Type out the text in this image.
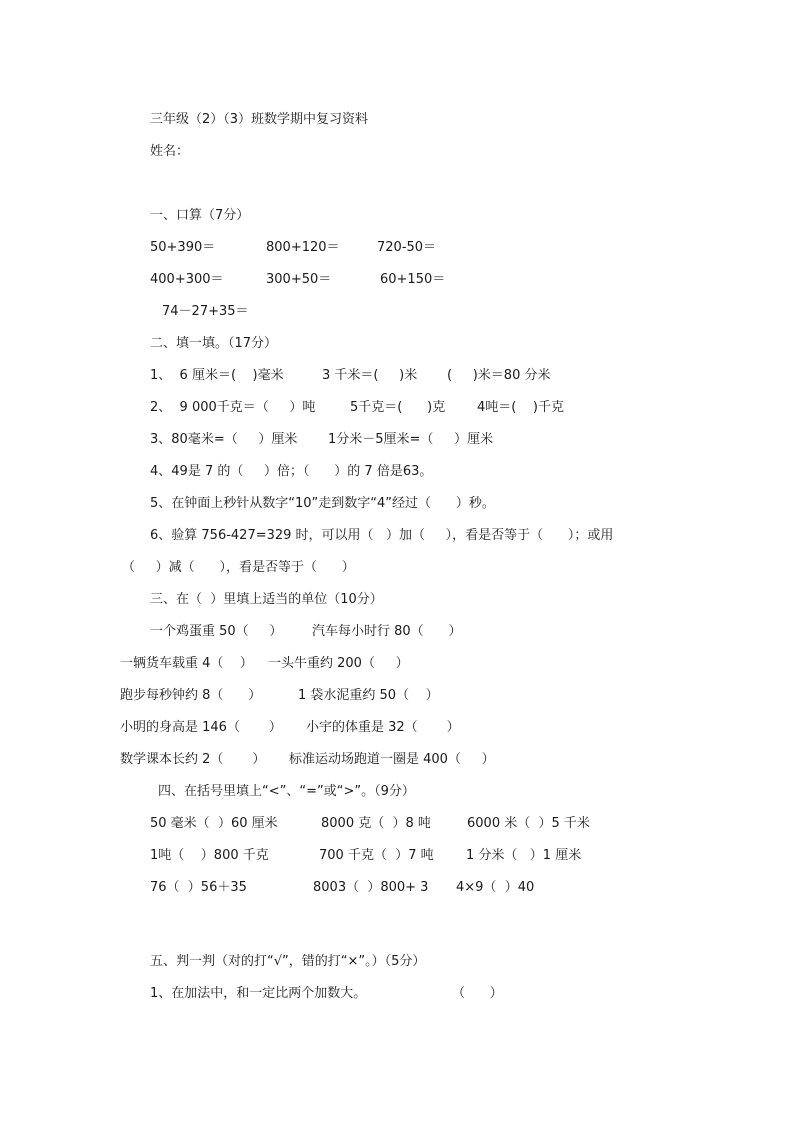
三年级（2）（3）班数学期中复习资料
姓名：
一、口算（7分）
50+390＝	800+120＝	720-50＝
400+300＝	300+50＝	60+150＝
74－27+35＝
二、填一填。（17分）
1、  6 厘米＝(    )毫米	3 千米＝(     )米 (     )米＝80 分米
2、  9 000千克＝（     ）吨	5千克＝(      )克 4吨＝(    )千克
3、80毫米=（     ）厘米 1分米－5厘米=（     ）厘米
4、49是 7 的（     ）倍；（      ）的 7 倍是63。
5、在钟面上秒针从数字“10”走到数字“4”经过（      ）秒。
6、验算 756-427=329 时，可以用（   ）加（     ），看是否等于（      ）；或用
（     ）减（      ），看是否等于（      ）
三、在（  ）里填上适当的单位（10分）
一个鸡蛋重 50（     ） 汽车每小时行 80（      ）
一辆货车载重 4（    ） 一头牛重约 200（     ）
跑步每秒钟约 8（      ）	1 袋水泥重约 50（    ）
小明的身高是 146（       ） 小宇的体重是 32（       ）
数学课本长约 2（       ） 标准运动场跑道一圈是 400（     ）
四、在括号里填上“<”、“=”或“>”。（9分）
50 毫米（  ）60 厘米	8000 克（  ）8 吨	6000 米（  ）5 千米
1吨（    ）800 千克	700 千克（  ）7 吨 1 分米（   ）1 厘米
76（  ）56＋35	8003（  ）800+ 3 4×9（  ）40
五、判一判（对的打“√”，错的打“×”。）（5分）
1、在加法中，和一定比两个加数大。	（      ）
